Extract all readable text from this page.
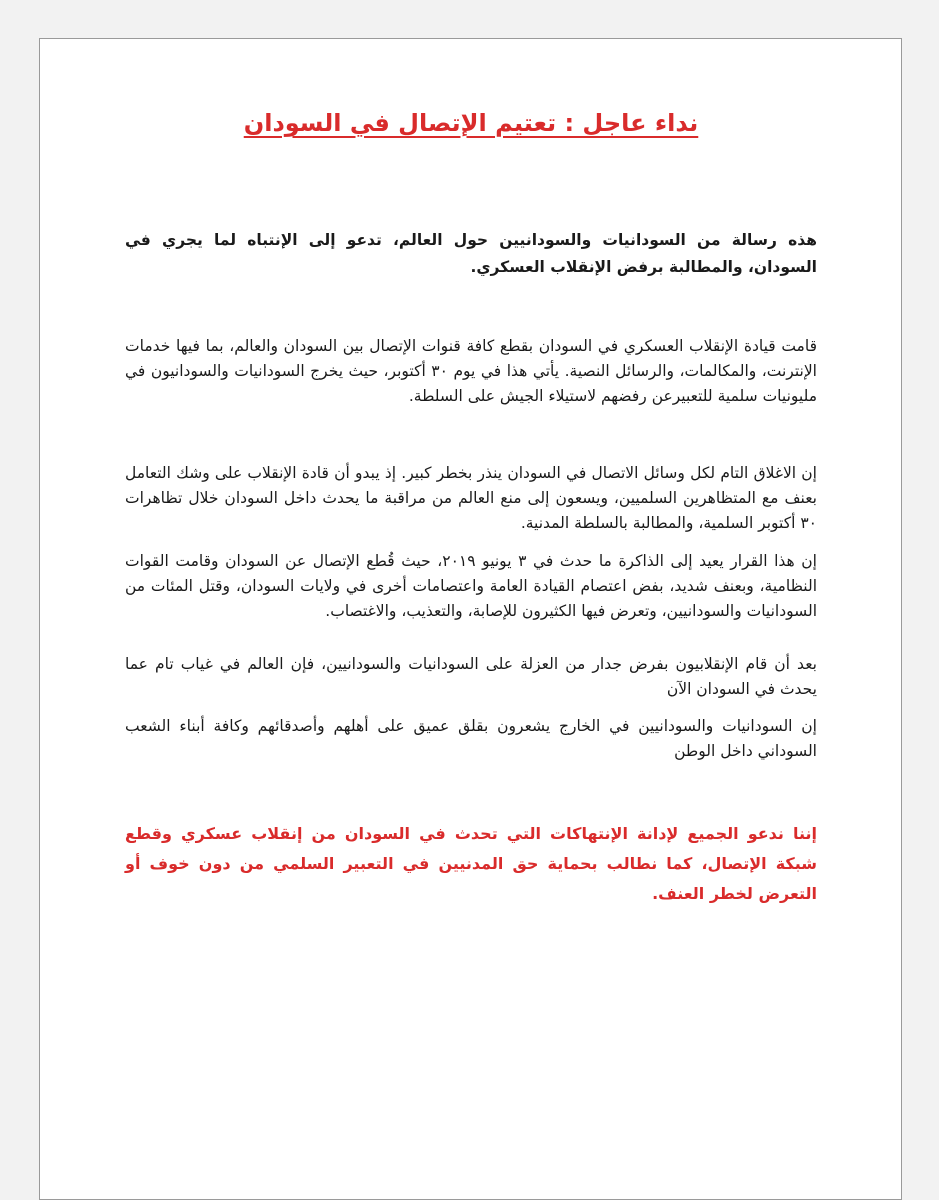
نداء عاجل : تعتيم الإتصال في السودان

هذه رسالة من السودانيات والسودانيين حول العالم، تدعو إلى الإنتباه لما يجري في السودان، والمطالبة برفض الإنقلاب العسكري.

قامت قيادة الإنقلاب العسكري في السودان بقطع كافة قنوات الإتصال بين السودان والعالم، بما فيها خدمات الإنترنت، والمكالمات، والرسائل النصية. يأتي هذا في يوم ٣٠ أكتوبر، حيث يخرج السودانيات والسودانيون في مليونيات سلمية للتعبيرعن رفضهم لاستيلاء الجيش على السلطة.

إن الاغلاق التام لكل وسائل الاتصال في السودان ينذر بخطر كبير. إذ يبدو أن قادة الإنقلاب على وشك التعامل بعنف مع المتظاهرين السلميين، ويسعون إلى منع العالم من مراقبة ما يحدث داخل السودان خلال تظاهرات ٣٠ أكتوبر السلمية، والمطالبة بالسلطة المدنية.

إن هذا القرار يعيد إلى الذاكرة ما حدث في ٣ يونيو ٢٠١٩، حيث قُطع الإتصال عن السودان وقامت القوات النظامية، وبعنف شديد، بفض اعتصام القيادة العامة واعتصامات أخرى في ولايات السودان، وقتل المئات من السودانيات والسودانيين، وتعرض فيها الكثيرون للإصابة، والتعذيب، والاغتصاب.

بعد أن قام الإنقلابيون بفرض جدار من العزلة على السودانيات والسودانيين، فإن العالم في غياب تام عما يحدث في السودان الآن

إن السودانيات والسودانيين في الخارج يشعرون بقلق عميق على أهلهم وأصدقائهم وكافة أبناء الشعب السوداني داخل الوطن

إننا ندعو الجميع لإدانة الإنتهاكات التي تحدث في السودان من إنقلاب عسكري وقطع شبكة الإتصال، كما نطالب بحماية حق المدنيين في التعبير السلمي من دون خوف أو التعرض لخطر العنف.
